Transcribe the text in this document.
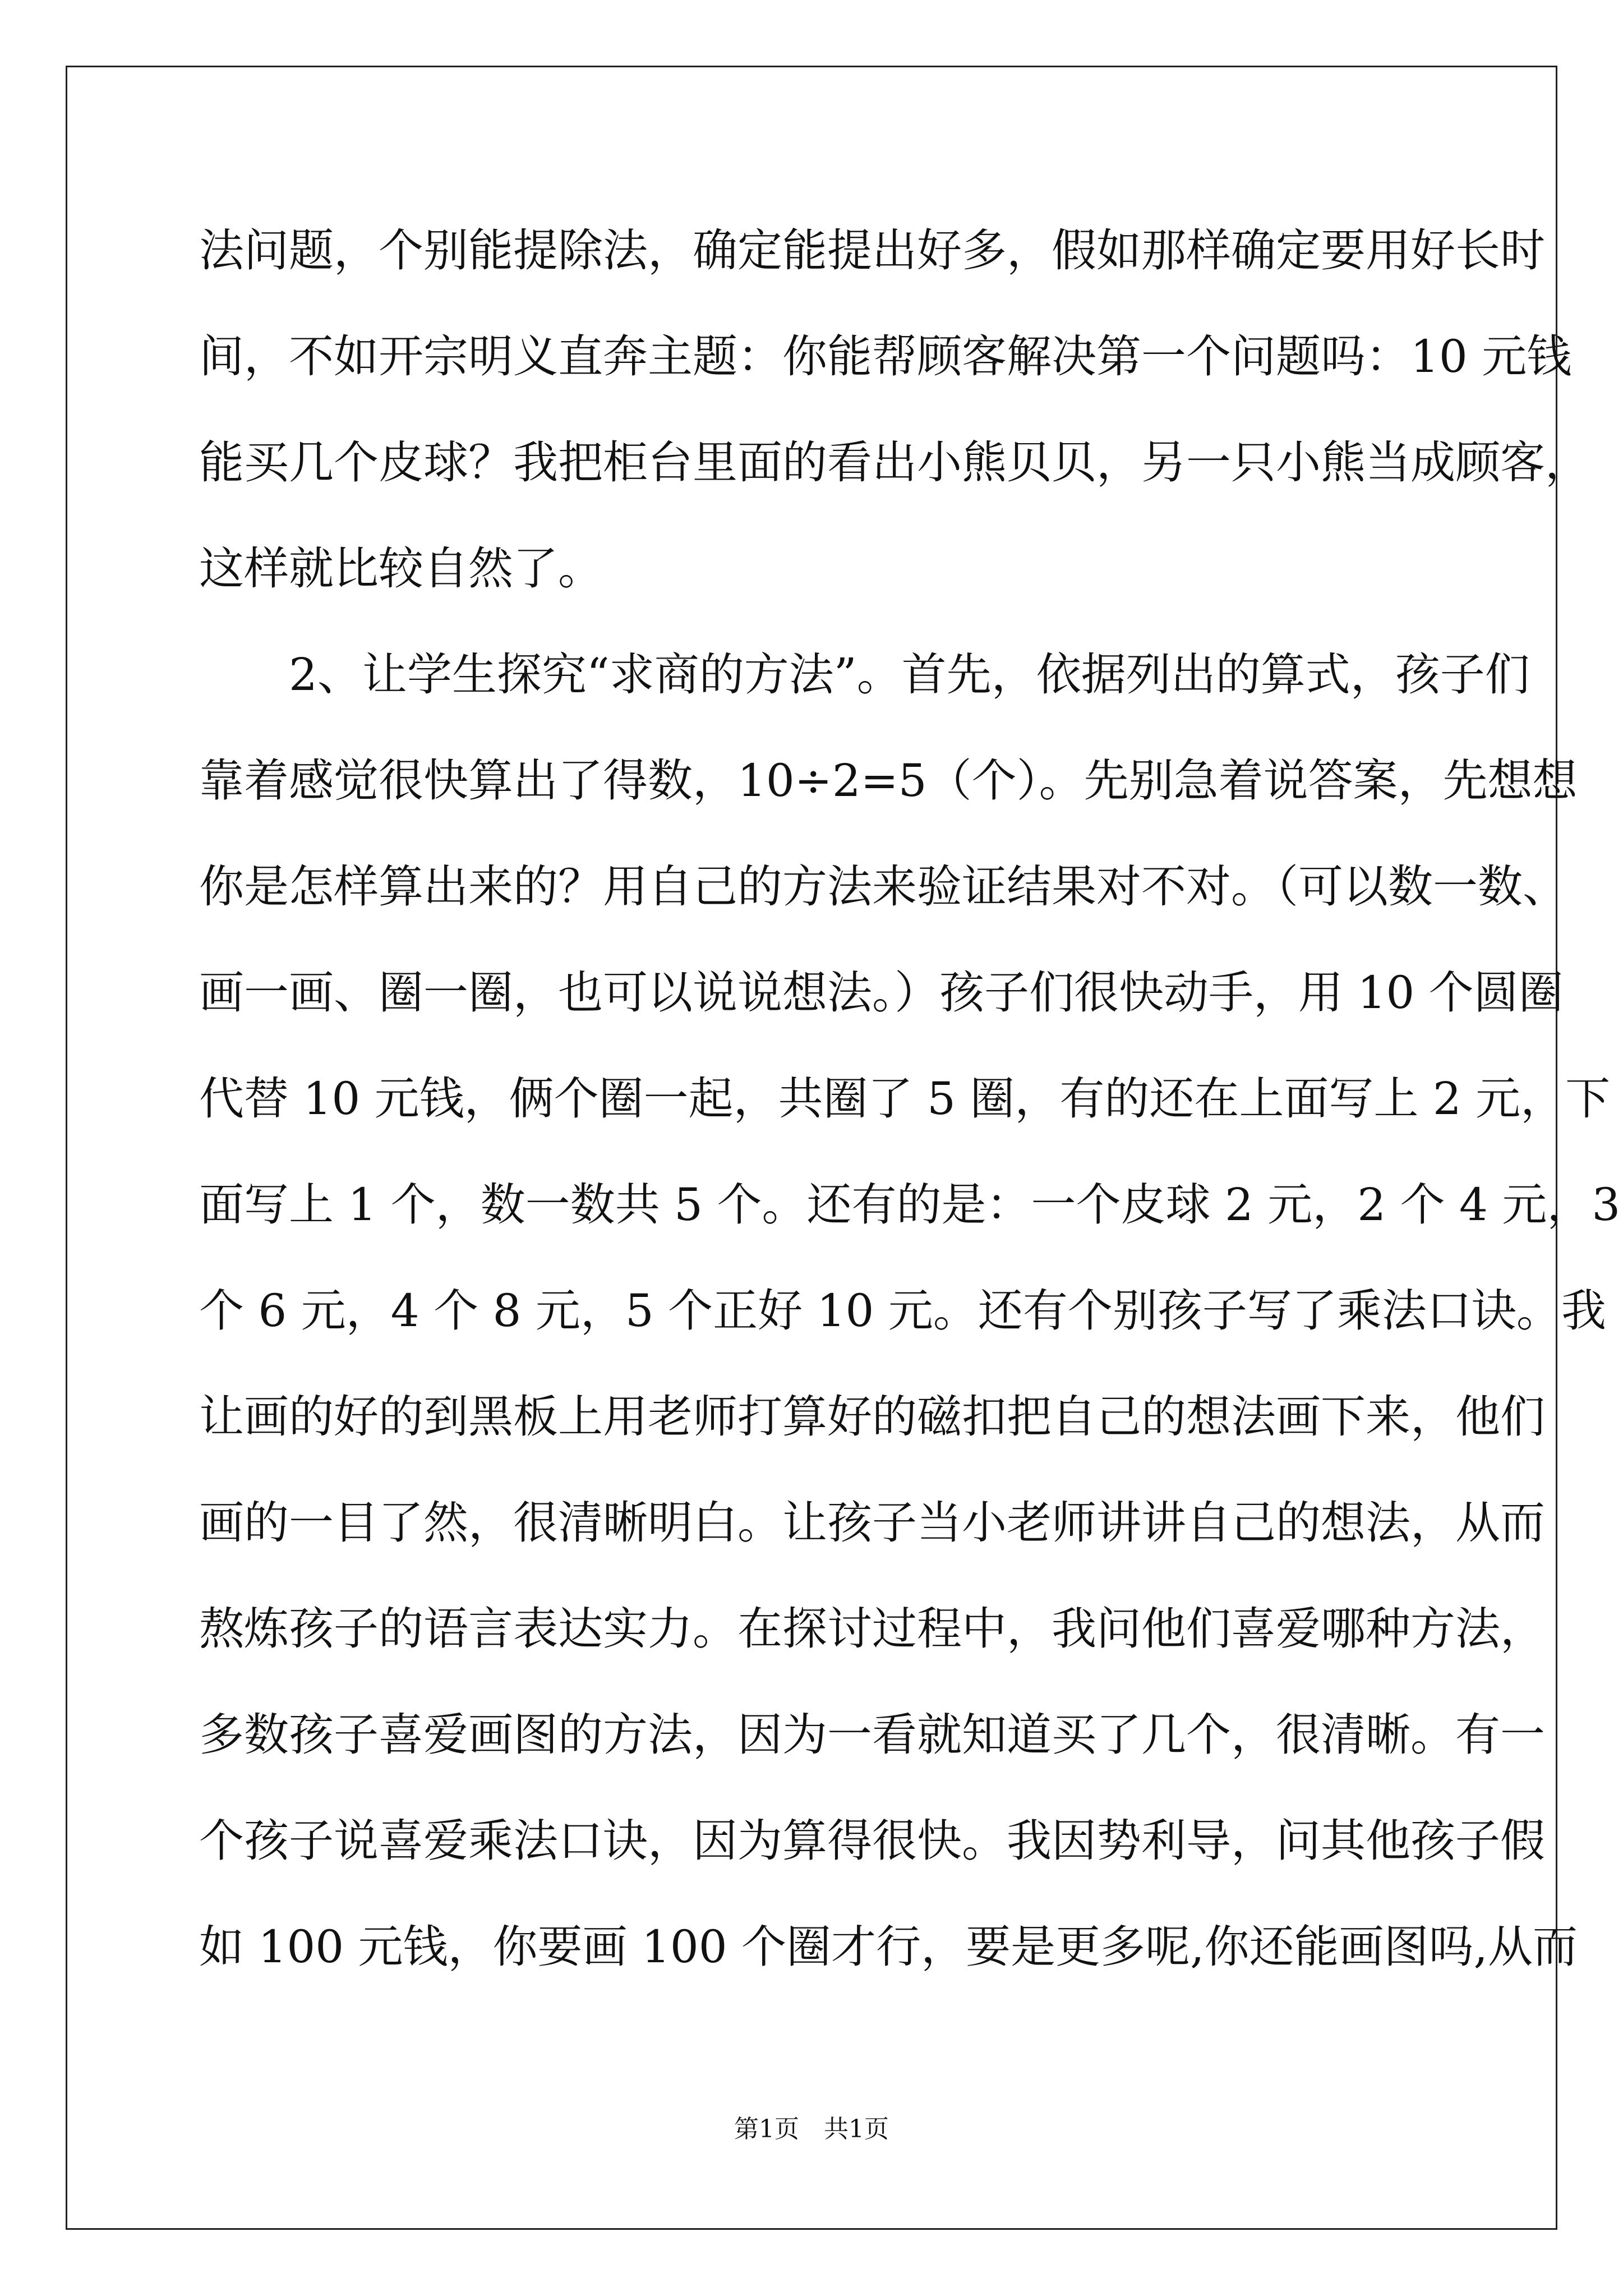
法问题，个别能提除法，确定能提出好多，假如那样确定要用好长时
间，不如开宗明义直奔主题：你能帮顾客解决第一个问题吗：10 元钱
能买几个皮球？我把柜台里面的看出小熊贝贝，另一只小熊当成顾客，
这样就比较自然了。
　　2、让学生探究“求商的方法”。首先，依据列出的算式，孩子们
靠着感觉很快算出了得数，10÷2=5（个）。先别急着说答案，先想想
你是怎样算出来的？用自己的方法来验证结果对不对。（可以数一数、
画一画、圈一圈，也可以说说想法。）孩子们很快动手，用 10 个圆圈
代替 10 元钱，俩个圈一起，共圈了 5 圈，有的还在上面写上 2 元，下
面写上 1 个，数一数共 5 个。还有的是：一个皮球 2 元，2 个 4 元，3
个 6 元，4 个 8 元，5 个正好 10 元。还有个别孩子写了乘法口诀。我
让画的好的到黑板上用老师打算好的磁扣把自己的想法画下来，他们
画的一目了然，很清晰明白。让孩子当小老师讲讲自己的想法，从而
熬炼孩子的语言表达实力。在探讨过程中，我问他们喜爱哪种方法，
多数孩子喜爱画图的方法，因为一看就知道买了几个，很清晰。有一
个孩子说喜爱乘法口诀，因为算得很快。我因势利导，问其他孩子假
如 100 元钱，你要画 100 个圈才行，要是更多呢,你还能画图吗,从而
第1页　共1页
